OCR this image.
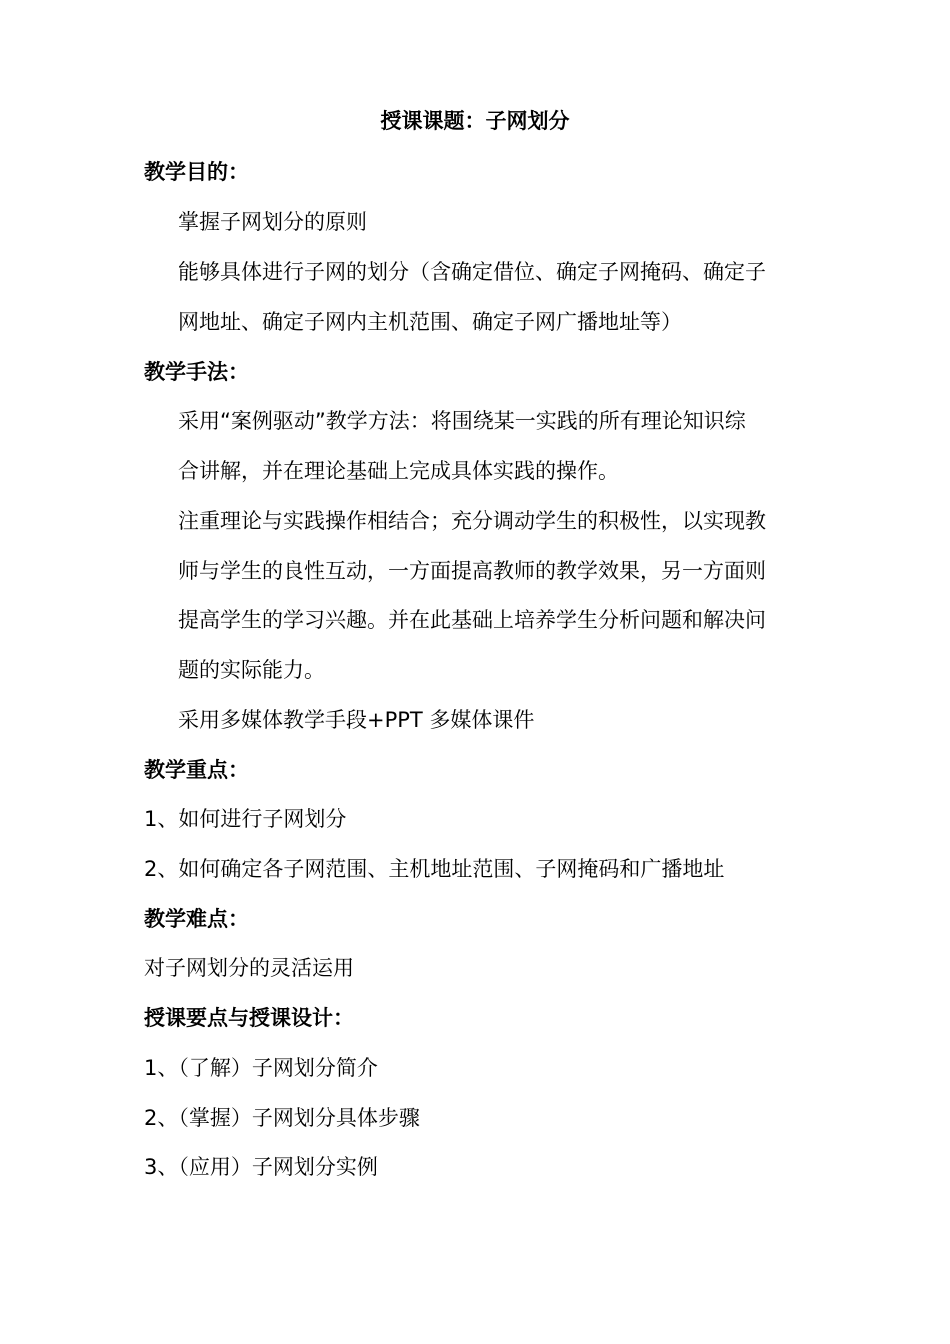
授课课题：子网划分
教学目的：
掌握子网划分的原则
能够具体进行子网的划分（含确定借位、确定子网掩码、确定子
网地址、确定子网内主机范围、确定子网广播地址等）
教学手法：
采用“案例驱动”教学方法：将围绕某一实践的所有理论知识综
合讲解，并在理论基础上完成具体实践的操作。
注重理论与实践操作相结合；充分调动学生的积极性，以实现教
师与学生的良性互动，一方面提高教师的教学效果，另一方面则
提高学生的学习兴趣。并在此基础上培养学生分析问题和解决问
题的实际能力。
采用多媒体教学手段+PPT 多媒体课件
教学重点：
1、如何进行子网划分
2、如何确定各子网范围、主机地址范围、子网掩码和广播地址
教学难点：
对子网划分的灵活运用
授课要点与授课设计：
1、（了解）子网划分简介
2、（掌握）子网划分具体步骤
3、（应用）子网划分实例
